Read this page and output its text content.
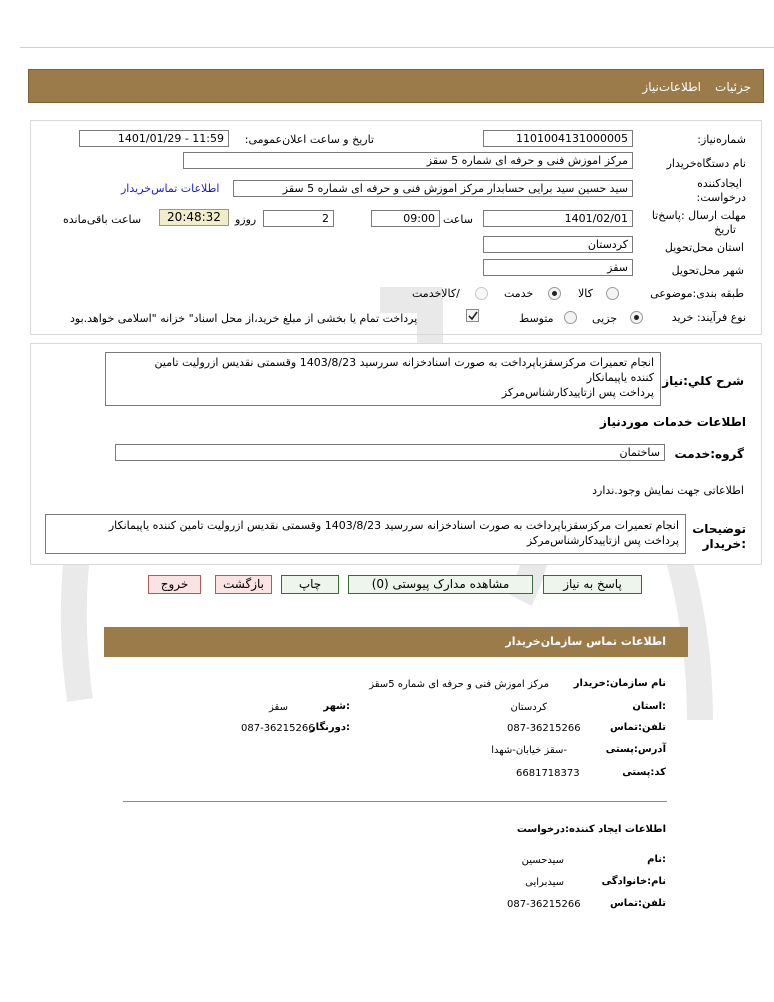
جزئیات
اطلاعات‌نیاز
شماره‌نیاز:
1101004131000005
تاریخ و ساعت اعلان‌عمومی:
1401/01/29 - 11:59
نام دستگاه‌خریدار
مرکز اموزش فنی و حرفه ای شماره 5 سقز
ایجادکننده
درخواست:
سید حسین سید برایی حسابدار مرکز اموزش فنی و حرفه ای شماره 5 سقز
اطلاعات تماس‌خریدار
مهلت ارسال :پاسخ‌تا
تاریخ
1401/02/01
ساعت
09:00
2
روزو
20:48:32
ساعت باقی‌مانده
استان محل‌تحویل
کردستان
شهر محل‌تحویل
سقز
طبقه بندی:موضوعی
کالا
خدمت
/کالاخدمت
نوع فرآیند: خرید
جزیی
متوسط
پرداخت تمام یا بخشی از مبلغ خرید،از محل اسناد" خزانه "اسلامی خواهد.بود
شرح کلي:نیاز
انجام تعمیرات مرکزسقزباپرداخت به صورت اسنادخزانه سررسید 1403/8/23 وقسمتی نقدیس ازرولیت تامین
کننده یاپیمانکار
پرداخت پس ازتاییدکارشناس‌مرکز
اطلاعات خدمات موردنیاز
گروه:خدمت
ساختمان
اطلاعاتی جهت نمایش وجود.ندارد
توضیحات
:خریدار
انجام تعمیرات مرکزسقزباپرداخت به صورت اسنادخزانه سررسید 1403/8/23 وقسمتی نقدیس ازرولیت تامین کننده یاپیمانکار
پرداخت پس ازتاییدکارشناس‌مرکز
پاسخ به نیاز
مشاهده مدارک پیوستی (0)
چاپ
بازگشت
خروج
اطلاعات تماس سازمان‌خریدار
نام سازمان:خریدار
مرکز اموزش فنی و حرفه ای شماره 5سقز
:استان
کردستان
:شهر
سقز
تلفن:تماس
087-36215266
:دورنگار
087-36215266
آدرس:پستی
-سقز خیابان-شهدا
کد:پستی
6681718373
اطلاعات ایجاد کننده:درخواست
:نام
سیدحسین
نام:خانوادگی
سیدبرایی
تلفن:تماس
087-36215266
